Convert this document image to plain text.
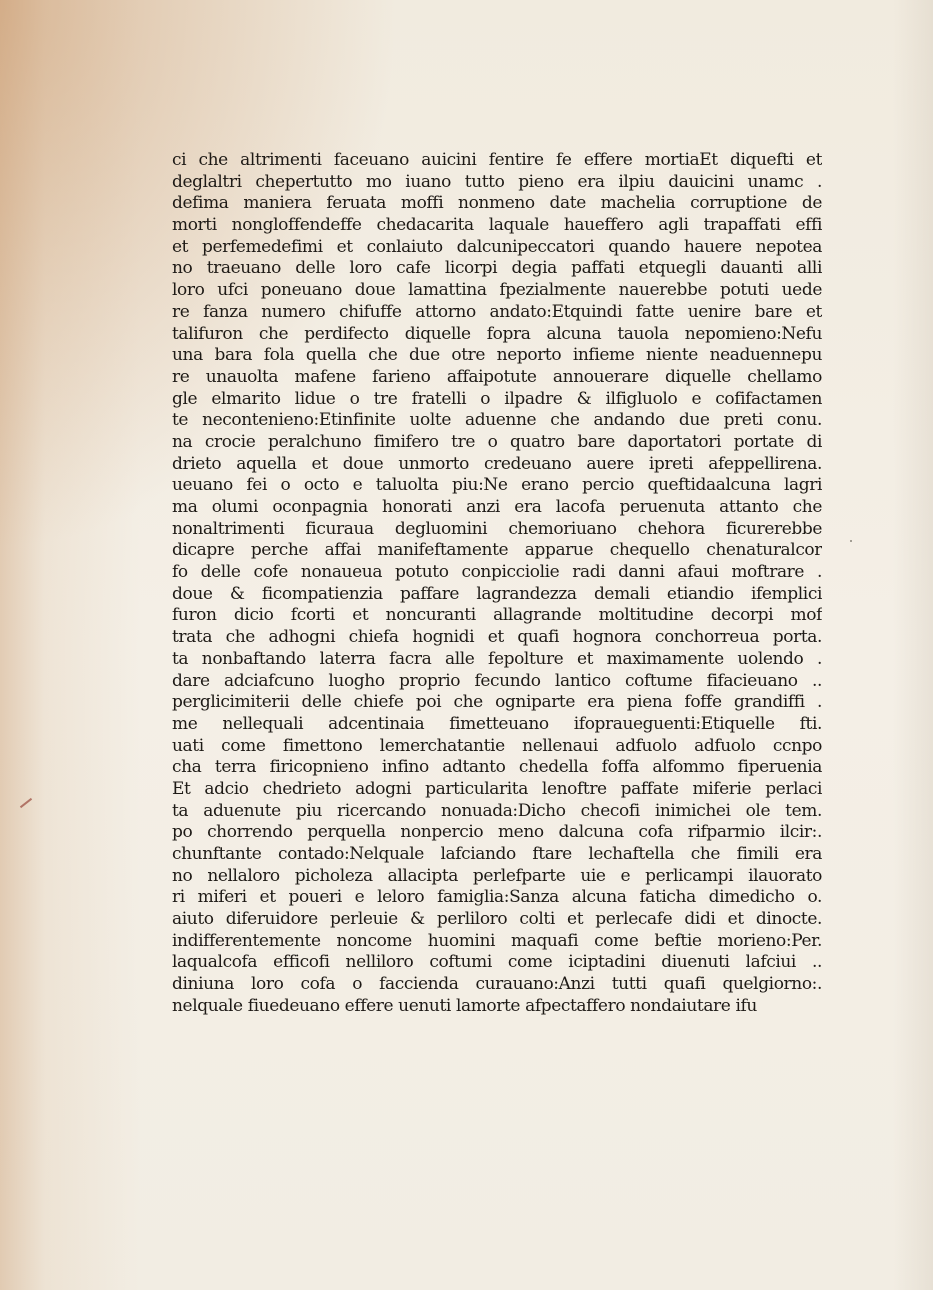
ci che altrimenti faceuano auicini fentire fe effere mortiaEt diquefti et
deglaltri chepertutto mo iuano tutto pieno era ilpiu dauicini unamc .
defima maniera feruata moffi nonmeno date machelia corruptione de
morti nongloffendeffe chedacarita laquale haueffero agli trapaffati effi
et perfemedefimi et conlaiuto dalcunipeccatori quando hauere nepotea
no traeuano delle loro cafe licorpi degia paffati etquegli dauanti alli
loro ufci poneuano doue lamattina fpezialmente nauerebbe potuti uede
re fanza numero chifuffe attorno andato:Etquindi fatte uenire bare et
talifuron che perdifecto diquelle fopra alcuna tauola nepomieno:Nefu
una bara fola quella che due otre neporto infieme niente neaduennepu
re unauolta mafene farieno affaipotute annouerare diquelle chellamo
gle elmarito lidue o tre fratelli o ilpadre & ilfigluolo e cofifactamen
te necontenieno:Etinfinite uolte aduenne che andando due preti conu.
na crocie peralchuno fimifero tre o quatro bare daportatori portate di
drieto aquella et doue unmorto credeuano auere ipreti afeppellirena.
ueuano fei o octo e taluolta piu:Ne erano percio queftidaalcuna lagri
ma olumi oconpagnia honorati anzi era lacofa peruenuta attanto che
nonaltrimenti ficuraua degluomini chemoriuano chehora ficurerebbe
dicapre perche affai manifeftamente apparue chequello chenaturalcor
fo delle cofe nonaueua potuto conpicciolie radi danni afaui moftrare .
doue & ficompatienzia paffare lagrandezza demali etiandio ifemplici
furon dicio fcorti et noncuranti allagrande moltitudine decorpi mof
trata che adhogni chiefa hognidi et quafi hognora conchorreua porta.
ta nonbaftando laterra facra alle fepolture et maximamente uolendo .
dare adciafcuno luogho proprio fecundo lantico coftume fifacieuano ..
perglicimiterii delle chiefe poi che ogniparte era piena foffe grandiffi .
me nellequali adcentinaia fimetteuano ifopraueguenti:Etiquelle fti.
uati come fimettono lemerchatantie nellenaui adfuolo adfuolo ccnpo
cha terra firicopnieno infino adtanto chedella foffa alfommo fiperuenia
Et adcio chedrieto adogni particularita lenoftre paffate miferie perlaci
ta aduenute piu ricercando nonuada:Dicho checofi inimichei ole tem.
po chorrendo perquella nonpercio meno dalcuna cofa rifparmio ilcir:.
chunftante contado:Nelquale lafciando ftare lechaftella che fimili era
no nellaloro picholeza allacipta perlefparte uie e perlicampi ilauorato
ri miferi et poueri e leloro famiglia:Sanza alcuna faticha dimedicho o.
aiuto diferuidore perleuie & perliloro colti et perlecafe didi et dinocte.
indifferentemente noncome huomini maquafi come beftie morieno:Per.
laqualcofa efficofi nelliloro coftumi come iciptadini diuenuti lafciui ..
diniuna loro cofa o facciendа curauano:Anzi tutti quafi quelgiorno:.
nelquale fiuedeuano effere uenuti lamorte afpectaffero nondaiutare ifu
